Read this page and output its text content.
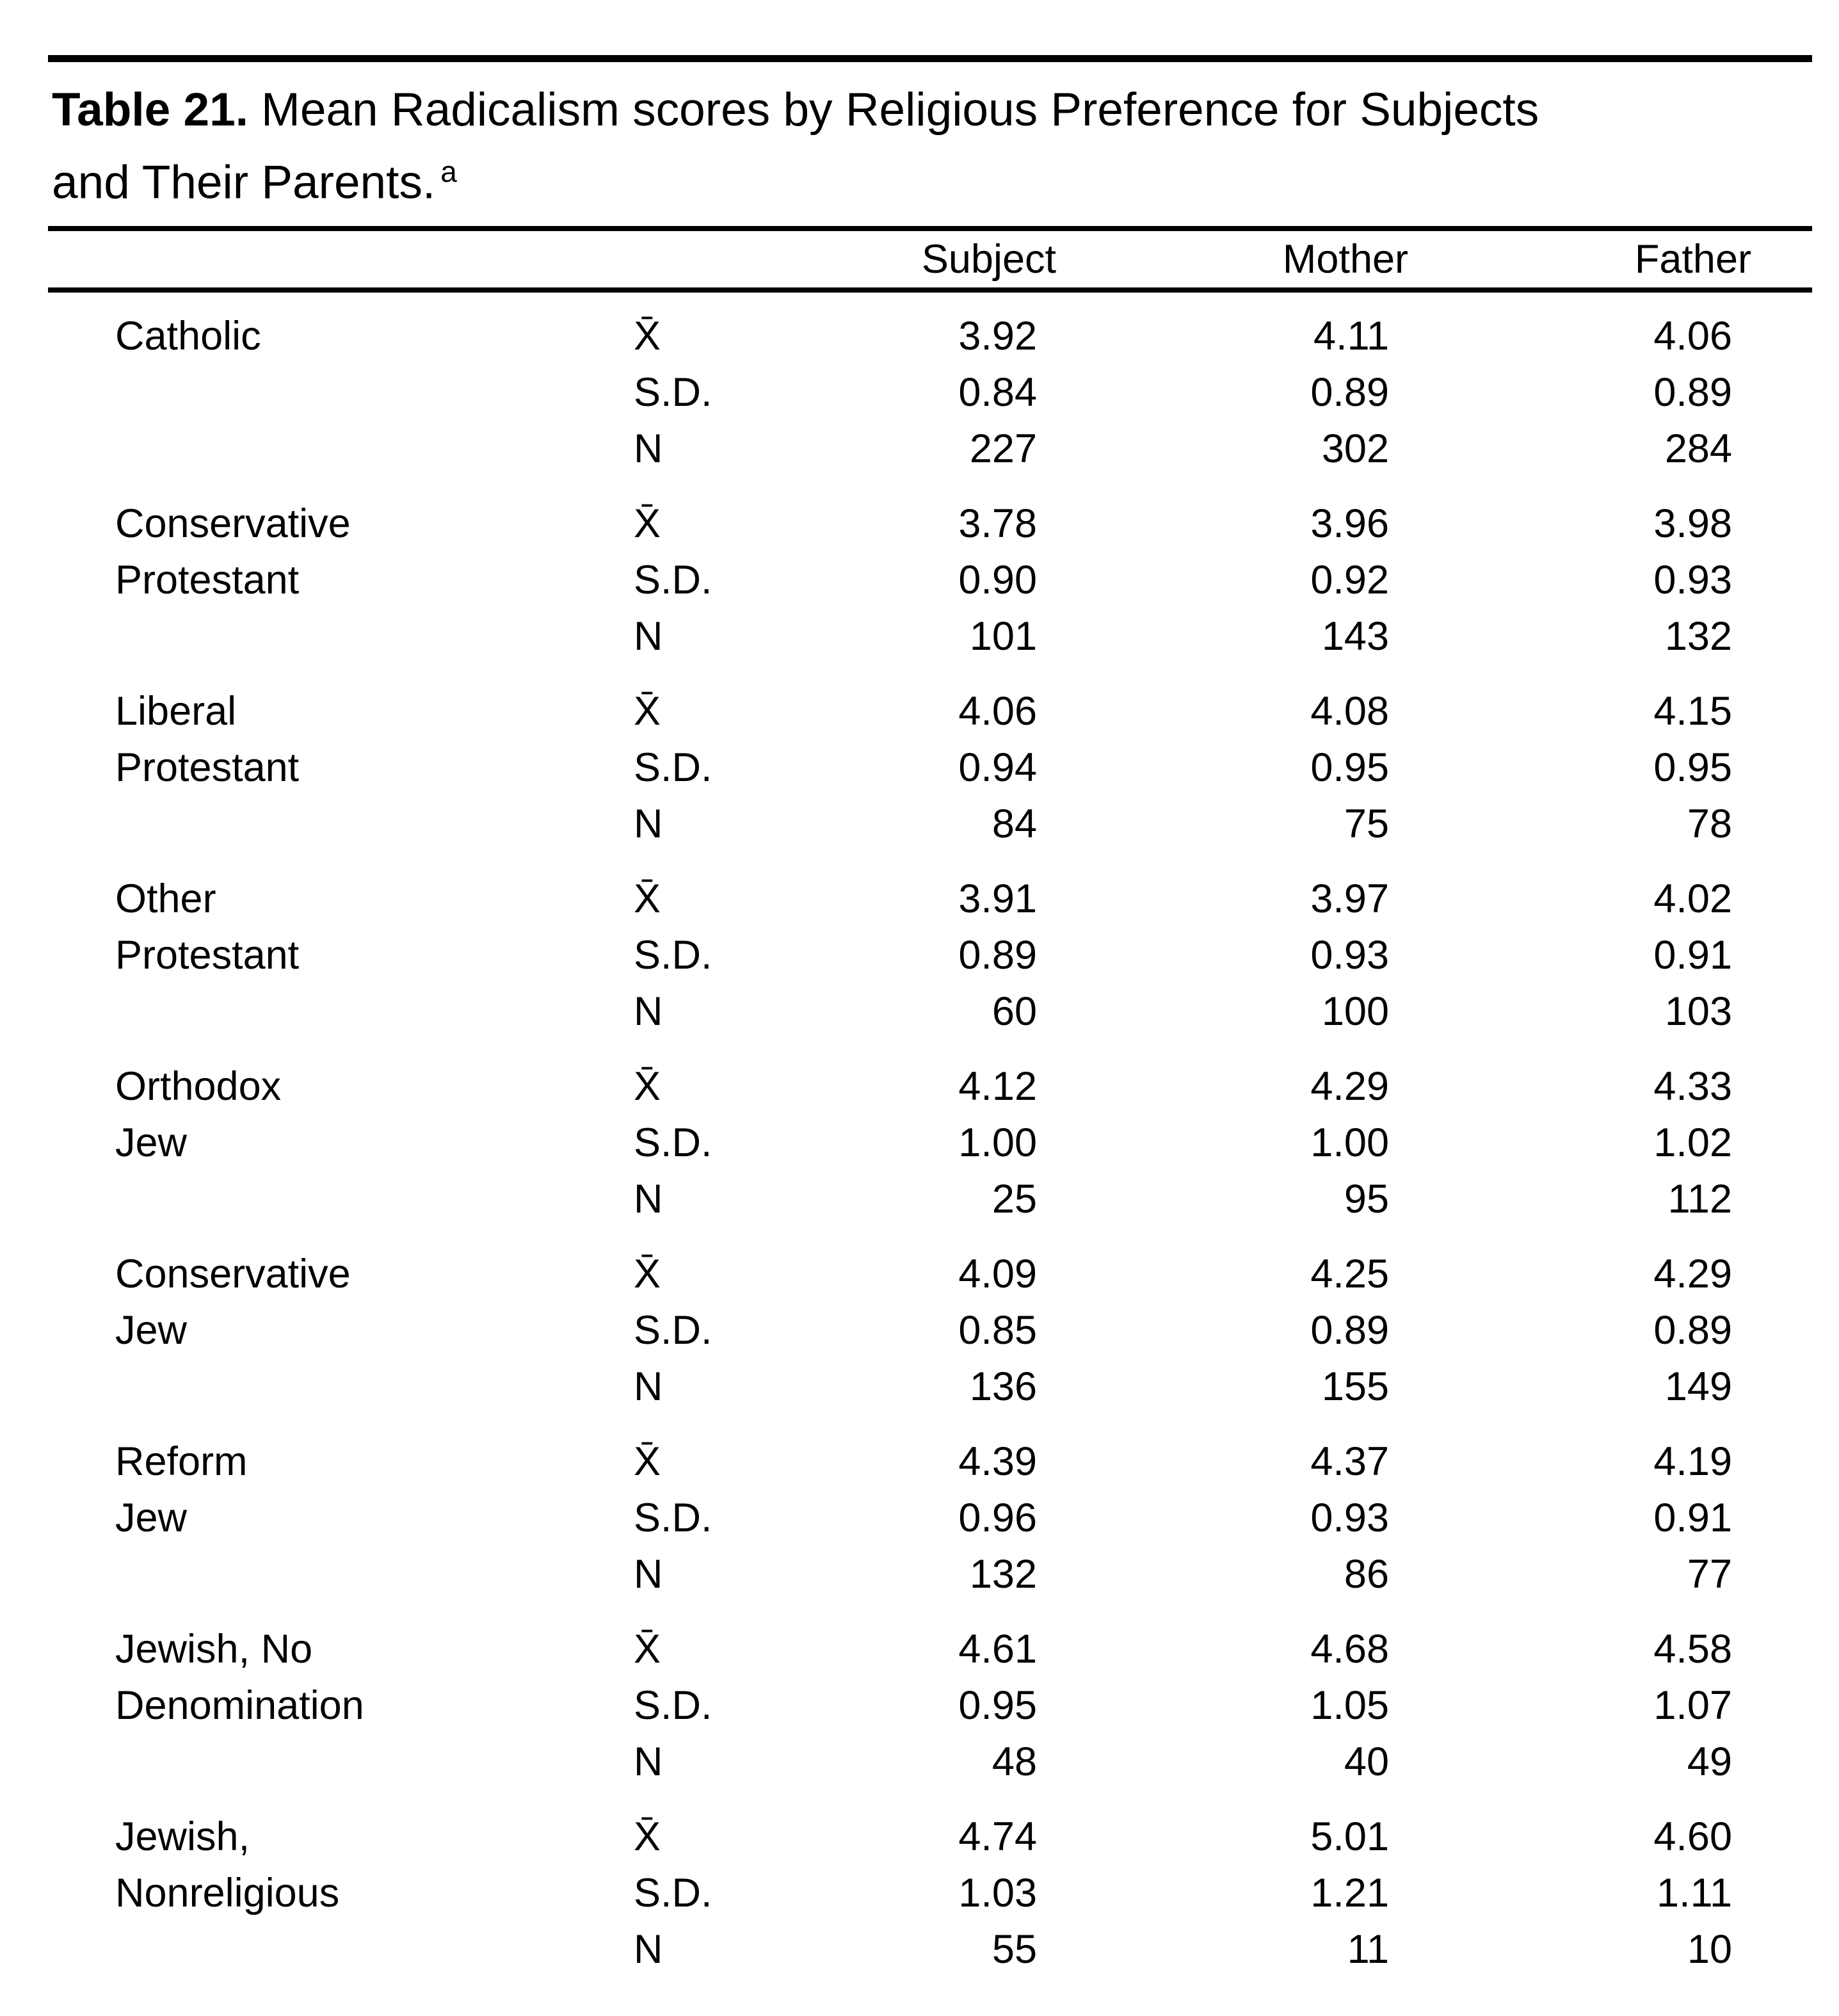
Table 21. Mean Radicalism scores by Religious Preference for Subjects
and Their Parents. $^a$
Subject	Mother	Father
Catholic	X̄	3.92	4.11	4.06
S.D.	0.84	0.89	0.89
N	227	302	284
Conservative	X̄	3.78	3.96	3.98
Protestant	S.D.	0.90	0.92	0.93
N	101	143	132
Liberal	X̄	4.06	4.08	4.15
Protestant	S.D.	0.94	0.95	0.95
N	84	75	78
Other	X̄	3.91	3.97	4.02
Protestant	S.D.	0.89	0.93	0.91
N	60	100	103
Orthodox	X̄	4.12	4.29	4.33
Jew	S.D.	1.00	1.00	1.02
N	25	95	112
Conservative	X̄	4.09	4.25	4.29
Jew	S.D.	0.85	0.89	0.89
N	136	155	149
Reform	X̄	4.39	4.37	4.19
Jew	S.D.	0.96	0.93	0.91
N	132	86	77
Jewish, No	X̄	4.61	4.68	4.58
Denomination	S.D.	0.95	1.05	1.07
N	48	40	49
Jewish,	X̄	4.74	5.01	4.60
Nonreligious	S.D.	1.03	1.21	1.11
N	55	11	10
